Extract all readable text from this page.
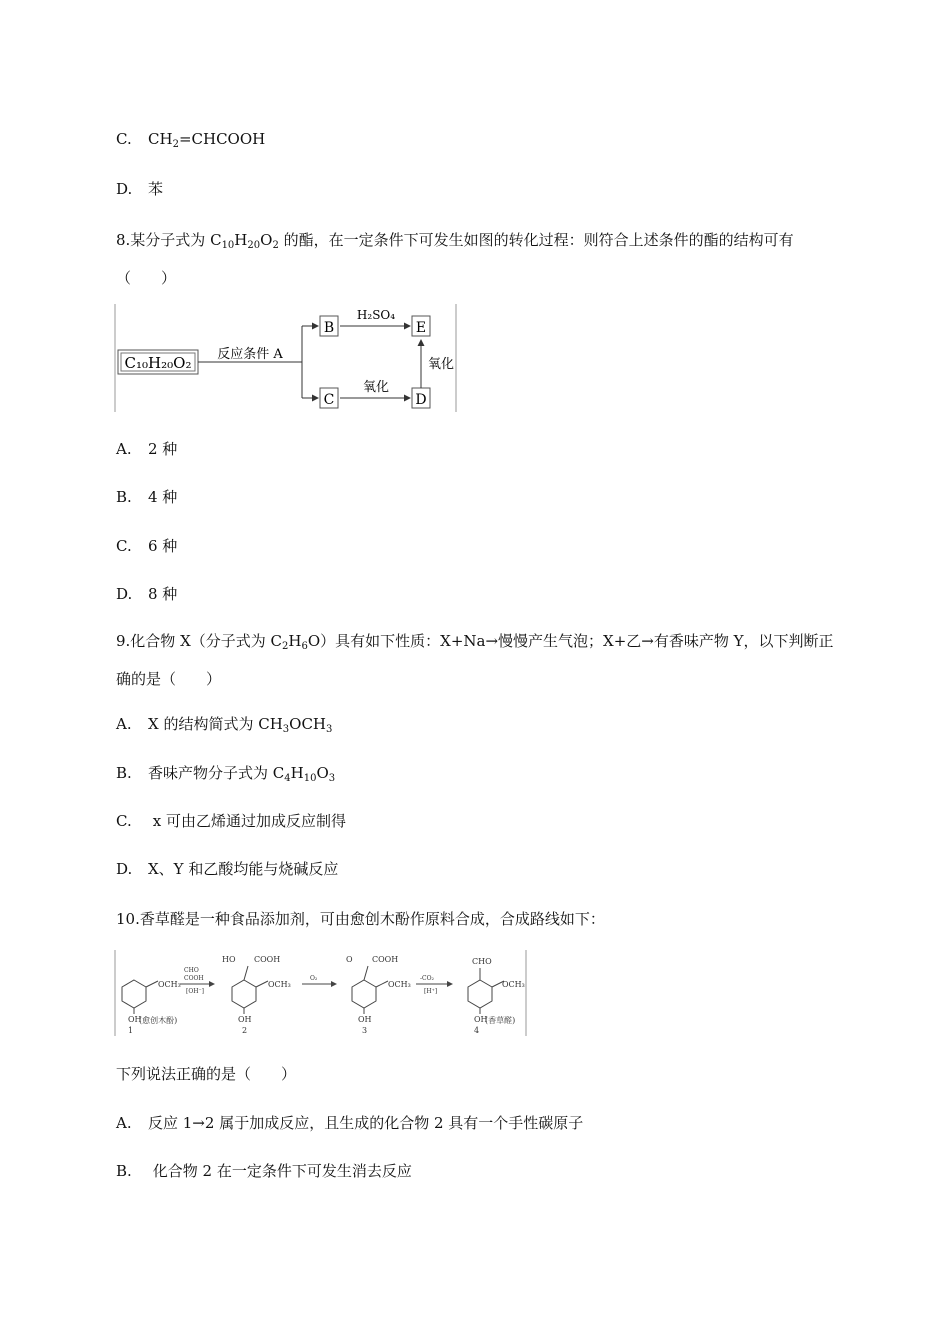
C. $CH_2=CHCOOH$
D. 苯
8.某分子式为 $C_{10}H_{20}O_2$ 的酯，在一定条件下可发生如图的转化过程：则符合上述条件的酯的结构可有（　　）
C₁₀H₂₀O₂ 反应条件 A
B
C
H₂SO₄
氧化
E
D
氧化
A. 2 种
B. 4 种
C. 6 种
D. 8 种
9.化合物 X（分子式为 $C_2H_6O$）具有如下性质：X+Na→慢慢产生气泡；X+乙→有香味产物 Y，以下判断正确的是（　　）
A. X 的结构简式为 $CH_3OCH_3$
B. 香味产物分子式为 $C_4H_{10}O_3$
C. x 可由乙烯通过加成反应制得
D. X、Y 和乙酸均能与烧碱反应
10.香草醛是一种食品添加剂，可由愈创木酚作原料合成，合成路线如下：
OCH₃
OH
(愈创木酚)
1
CHO
COOH
[OH⁻]
HO COOH
OCH₃
OH
2
O₂
O COOH
OCH₃
OH
3
-CO₂
[H⁺]
CHO
OCH₃
OH
(香草醛)
4
下列说法正确的是（　　）
A. 反应 1→2 属于加成反应，且生成的化合物 2 具有一个手性碳原子
B. 化合物 2 在一定条件下可发生消去反应
